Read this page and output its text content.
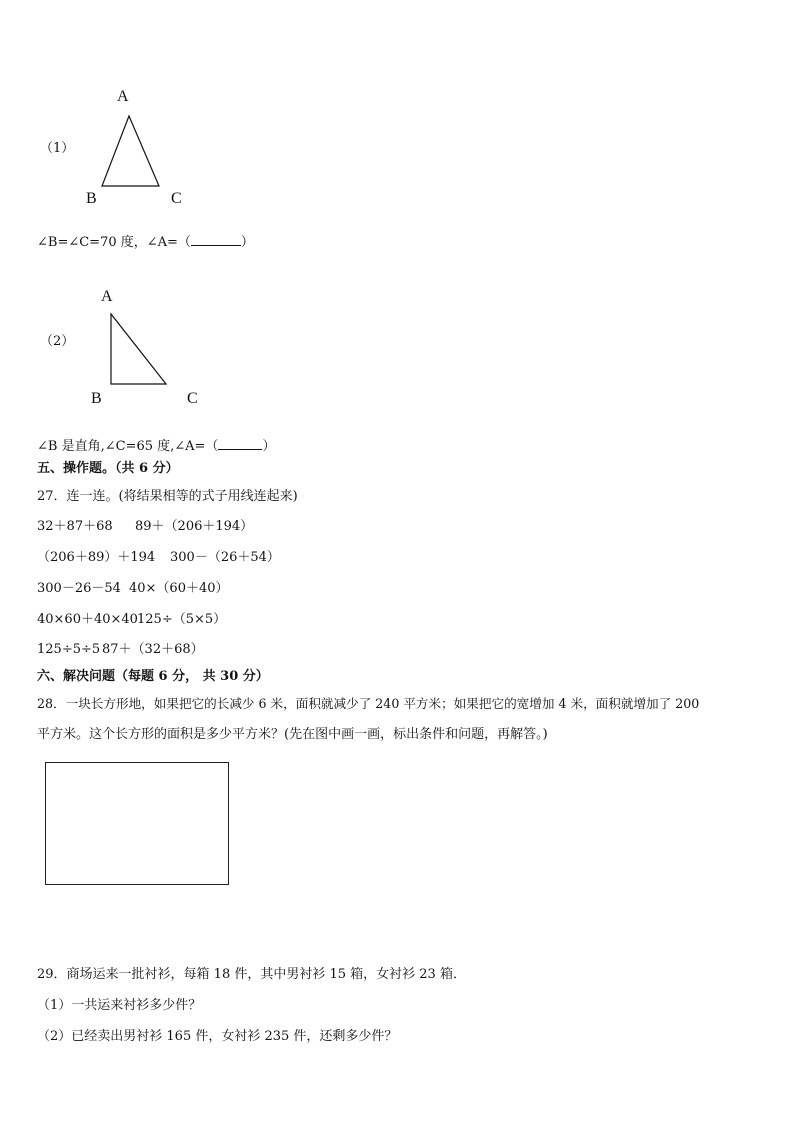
（1）
A
B	C
∠B=∠C=70 度，∠A=（	）
（2）
A
B	C
∠B 是直角,∠C=65 度,∠A=（	）
五、操作题。（共 6 分）
27．连一连。(将结果相等的式子用线连起来)
32＋87＋68 89＋（206＋194）
（206＋89）＋194 300－（26＋54）
300－26－54 40×（60＋40）
40×60＋40×40 125÷（5×5）
125÷5÷5 87＋（32＋68）
六、解决问题（每题 6 分， 共 30 分）
28．一块长方形地，如果把它的长减少 6 米，面积就减少了 240 平方米；如果把它的宽增加 4 米，面积就增加了 200
平方米。这个长方形的面积是多少平方米？(先在图中画一画，标出条件和问题，再解答。)
29．商场运来一批衬衫，每箱 18 件，其中男衬衫 15 箱，女衬衫 23 箱．
（1）一共运来衬衫多少件？
（2）已经卖出男衬衫 165 件，女衬衫 235 件，还剩多少件？
